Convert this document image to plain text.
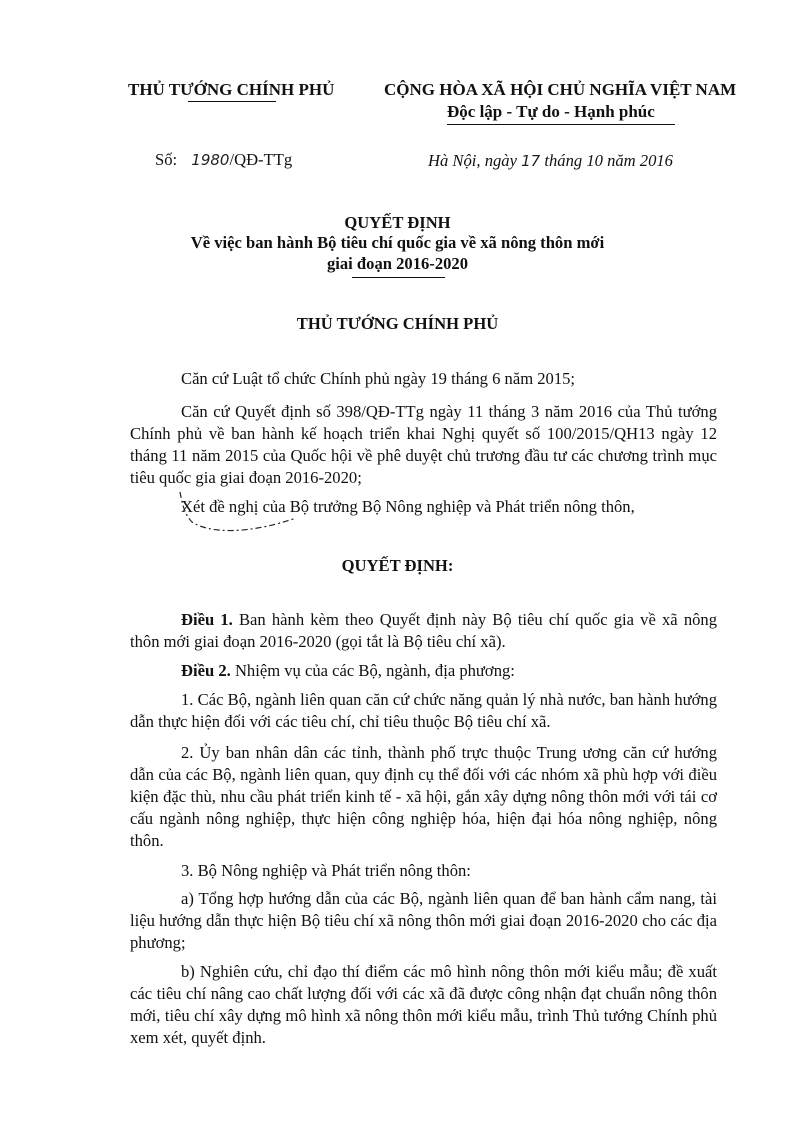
THỦ TƯỚNG CHÍNH PHỦ	CỘNG HÒA XÃ HỘI CHỦ NGHĨA VIỆT NAM
Độc lập - Tự do - Hạnh phúc
Số: 1980/QĐ-TTg	Hà Nội, ngày 17 tháng 10 năm 2016
QUYẾT ĐỊNH
Về việc ban hành Bộ tiêu chí quốc gia về xã nông thôn mới
giai đoạn 2016-2020
THỦ TƯỚNG CHÍNH PHỦ
Căn cứ Luật tổ chức Chính phủ ngày 19 tháng 6 năm 2015;
Căn cứ Quyết định số 398/QĐ-TTg ngày 11 tháng 3 năm 2016 của Thủ tướng Chính phủ về ban hành kế hoạch triển khai Nghị quyết số 100/2015/QH13 ngày 12 tháng 11 năm 2015 của Quốc hội về phê duyệt chủ trương đầu tư các chương trình mục tiêu quốc gia giai đoạn 2016-2020;
Xét đề nghị của Bộ trưởng Bộ Nông nghiệp và Phát triển nông thôn,
QUYẾT ĐỊNH:
Điều 1. Ban hành kèm theo Quyết định này Bộ tiêu chí quốc gia về xã nông thôn mới giai đoạn 2016-2020 (gọi tắt là Bộ tiêu chí xã).
Điều 2. Nhiệm vụ của các Bộ, ngành, địa phương:
1. Các Bộ, ngành liên quan căn cứ chức năng quản lý nhà nước, ban hành hướng dẫn thực hiện đối với các tiêu chí, chỉ tiêu thuộc Bộ tiêu chí xã.
2. Ủy ban nhân dân các tỉnh, thành phố trực thuộc Trung ương căn cứ hướng dẫn của các Bộ, ngành liên quan, quy định cụ thể đối với các nhóm xã phù hợp với điều kiện đặc thù, nhu cầu phát triển kinh tế - xã hội, gắn xây dựng nông thôn mới với tái cơ cấu ngành nông nghiệp, thực hiện công nghiệp hóa, hiện đại hóa nông nghiệp, nông thôn.
3. Bộ Nông nghiệp và Phát triển nông thôn:
a) Tổng hợp hướng dẫn của các Bộ, ngành liên quan để ban hành cẩm nang, tài liệu hướng dẫn thực hiện Bộ tiêu chí xã nông thôn mới giai đoạn 2016-2020 cho các địa phương;
b) Nghiên cứu, chỉ đạo thí điểm các mô hình nông thôn mới kiểu mẫu; đề xuất các tiêu chí nâng cao chất lượng đối với các xã đã được công nhận đạt chuẩn nông thôn mới, tiêu chí xây dựng mô hình xã nông thôn mới kiểu mẫu, trình Thủ tướng Chính phủ xem xét, quyết định.
